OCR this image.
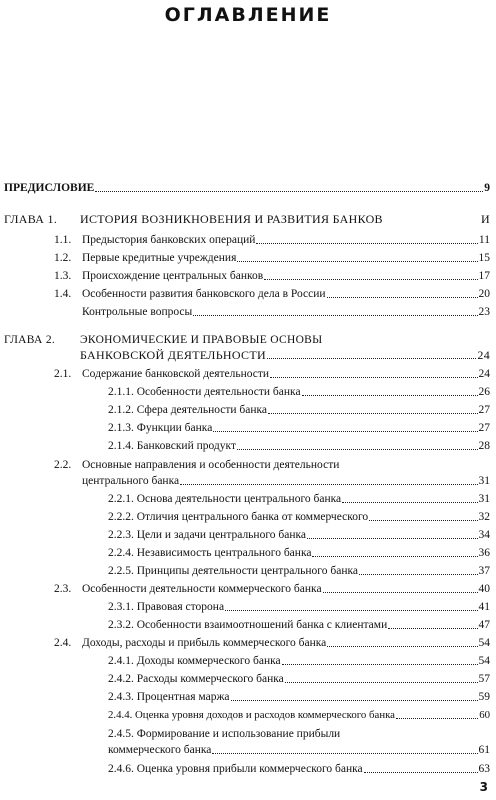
ОГЛАВЛЕНИЕ
ПРЕДИСЛОВИЕ	9
ГЛАВА 1.	ИСТОРИЯ ВОЗНИКНОВЕНИЯ И РАЗВИТИЯ БАНКОВ	И
1.1. Предыстория банковских операций	11
1.2. Первые кредитные учреждения	15
1.3. Происхождение центральных банков	17
1.4. Особенности развития банковского дела в России	20
Контрольные вопросы	23
ГЛАВА 2. ЭКОНОМИЧЕСКИЕ И ПРАВОВЫЕ ОСНОВЫ
БАНКОВСКОЙ ДЕЯТЕЛЬНОСТИ	24
2.1. Содержание банковской деятельности	24
2.1.1. Особенности деятельности банка	26
2.1.2. Сфера деятельности банка	27
2.1.3. Функции банка	27
2.1.4. Банковский продукт	28
2.2. Основные направления и особенности деятельности
центрального банка	31
2.2.1. Основа деятельности центрального банка	31
2.2.2. Отличия центрального банка от коммерческого	32
2.2.3. Цели и задачи центрального банка	34
2.2.4. Независимость центрального банка	36
2.2.5. Принципы деятельности центрального банка	37
2.3. Особенности деятельности коммерческого банка	40
2.3.1. Правовая сторона	41
2.3.2. Особенности взаимоотношений банка с клиентами	47
2.4. Доходы, расходы и прибыль коммерческого банка	54
2.4.1. Доходы коммерческого банка	54
2.4.2. Расходы коммерческого банка	57
2.4.3. Процентная маржа	59
2.4.4. Оценка уровня доходов и расходов коммерческого банка	60
2.4.5. Формирование и использование прибыли
коммерческого банка	61
2.4.6. Оценка уровня прибыли коммерческого банка	63
3
